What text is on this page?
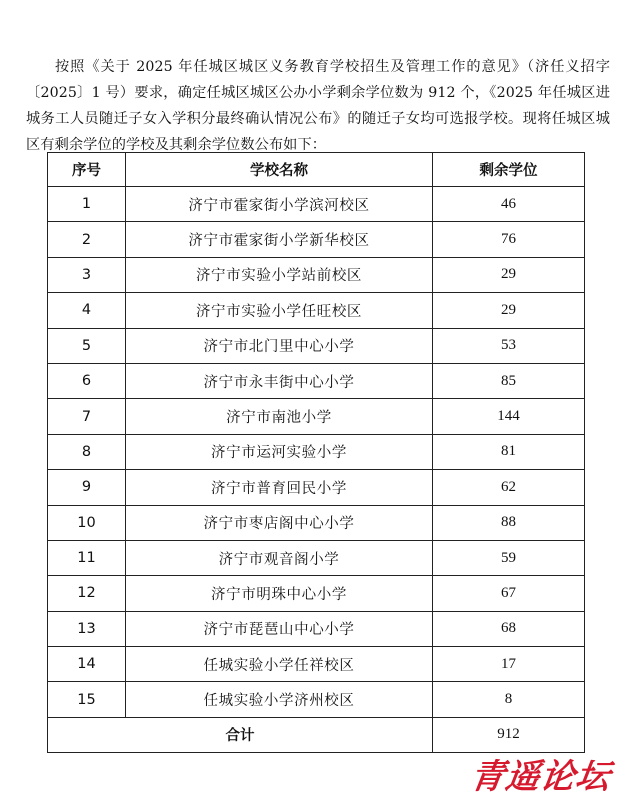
按照《关于 2025 年任城区城区义务教育学校招生及管理工作的意见》（济任义招字〔2025〕1 号）要求，确定任城区城区公办小学剩余学位数为 912 个，《2025 年任城区进城务工人员随迁子女入学积分最终确认情况公布》的随迁子女均可选报学校。现将任城区城区有剩余学位的学校及其剩余学位数公布如下：

序号	学校名称	剩余学位
1	济宁市霍家街小学滨河校区	46
2	济宁市霍家街小学新华校区	76
3	济宁市实验小学站前校区	29
4	济宁市实验小学任旺校区	29
5	济宁市北门里中心小学	53
6	济宁市永丰街中心小学	85
7	济宁市南池小学	144
8	济宁市运河实验小学	81
9	济宁市普育回民小学	62
10	济宁市枣店阁中心小学	88
11	济宁市观音阁小学	59
12	济宁市明珠中心小学	67
13	济宁市琵琶山中心小学	68
14	任城实验小学任祥校区	17
15	任城实验小学济州校区	8
合计		912
青遥论坛
